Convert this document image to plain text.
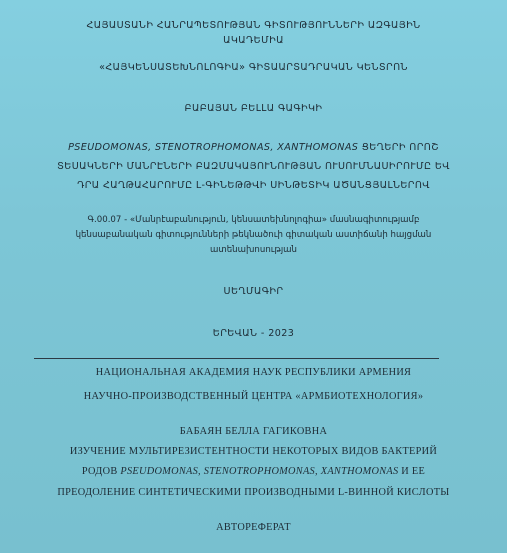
ՀԱՅԱՍՏԱՆԻ ՀԱՆՐԱՊԵՏՈՒԹՅԱՆ ԳԻՏՈՒԹՅՈՒՆՆԵՐԻ ԱԶԳԱՅԻՆ
ԱԿԱԴԵՄԻԱ
«ՀԱՅԿԵՆՍԱՏԵԽՆՈԼՈԳԻԱ» ԳԻՏԱԱՐՏԱԴՐԱԿԱՆ ԿԵՆՏՐՈՆ
ԲԱԲԱՅԱՆ ԲԵԼԼԱ ԳԱԳԻԿԻ
PSEUDOMONAS, STENOTROPHOMONAS, XANTHOMONAS ՑԵՂԵՐԻ ՈՐՈՇ
ՏԵՍԱԿՆԵՐԻ ՄԱՆՐԷՆԵՐԻ ԲԱԶՄԱԿԱՅՈՒՆՈՒԹՅԱՆ ՈՒՍՈՒՄՆԱՍԻՐՈՒՄԸ ԵՎ
ԴՐԱ ՀԱՂԹԱՀԱՐՈՒՄԸ L-ԳԻՆԵԹԹՎԻ ՍԻՆԹԵՏԻԿ ԱԾԱՆՑՅԱԼՆԵՐՈՎ
Գ.00.07 - «Մանրէաբանություն, կենսատեխնոլոգիա» մասնագիտությամբ
կենսաբանական գիտությունների թեկնածուի գիտական աստիճանի հայցման
ատենախոսության
ՍԵՂՄԱԳԻՐ
ԵՐԵՎԱՆ - 2023
НАЦИОНАЛЬНАЯ АКАДЕМИЯ НАУК РЕСПУБЛИКИ АРМЕНИЯ
НАУЧНО-ПРОИЗВОДСТВЕННЫЙ ЦЕНТРА «АРМБИОТЕХНОЛОГИЯ»
БАБАЯН БЕЛЛА ГАГИКОВНА
ИЗУЧЕНИЕ МУЛЬТИРЕЗИСТЕНТНОСТИ НЕКОТОРЫХ ВИДОВ БАКТЕРИЙ
РОДОВ PSEUDOMONAS, STENOTROPHOMONAS, XANTHOMONAS И ЕЕ
ПРЕОДОЛЕНИЕ СИНТЕТИЧЕСКИМИ ПРОИЗВОДНЫМИ L-ВИННОЙ КИСЛОТЫ
АВТОРЕФЕРАТ
